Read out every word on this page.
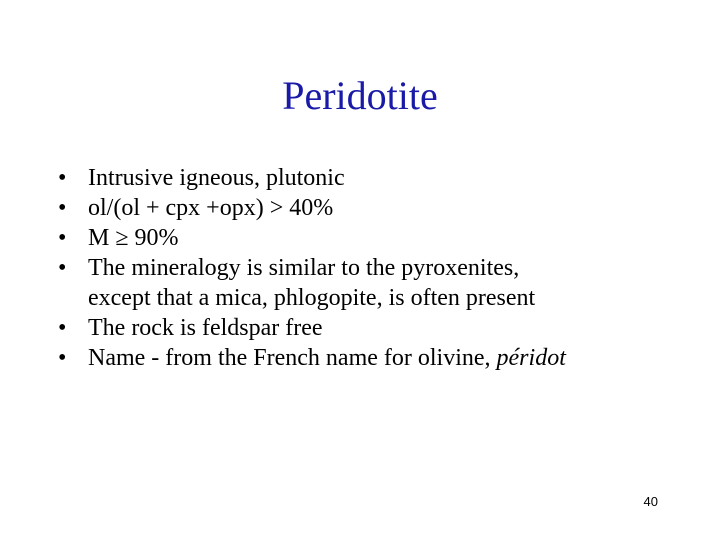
Peridotite
• Intrusive igneous, plutonic
• ol/(ol + cpx +opx) > 40%
• M ≥ 90%
• The mineralogy is similar to the pyroxenites,
except that a mica, phlogopite, is often present
• The rock is feldspar free
• Name - from the French name for olivine, péridot
40
